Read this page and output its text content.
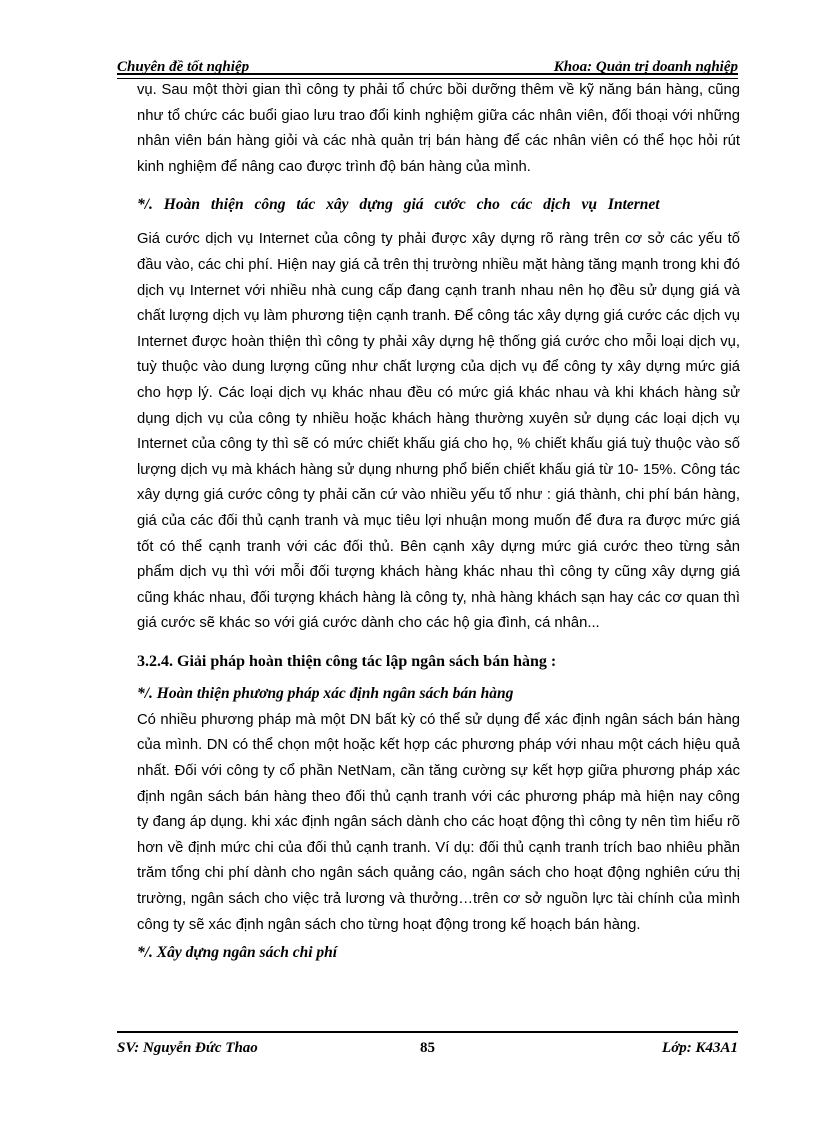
Chuyên đề tốt nghiệp	Khoa: Quản trị doanh nghiệp

vụ. Sau một thời gian thì công ty phải tổ chức bồi dưỡng thêm về kỹ năng bán hàng, cũng như tổ chức các buổi giao lưu trao đổi kinh nghiệm giữa các nhân viên, đối thoại với những nhân viên bán hàng giỏi và các nhà quản trị bán hàng để các nhân viên có thể học hỏi rút kinh nghiệm để nâng cao được trình độ bán hàng của mình.

*/. Hoàn thiện công tác xây dựng giá cước cho các dịch vụ Internet

Giá cước dịch vụ Internet của công ty phải được xây dựng rõ ràng trên cơ sở các yếu tố đầu vào, các chi phí. Hiện nay giá cả trên thị trường nhiều mặt hàng tăng mạnh trong khi đó dịch vụ Internet với nhiều nhà cung cấp đang cạnh tranh nhau nên họ đều sử dụng giá và chất lượng dịch vụ làm phương tiện cạnh tranh. Để công tác xây dựng giá cước các dịch vụ Internet được hoàn thiện thì công ty phải xây dựng hệ thống giá cước cho mỗi loại dịch vụ, tuỳ thuộc vào dung lượng cũng như chất lượng của dịch vụ để công ty xây dựng mức giá cho hợp lý. Các loại dịch vụ khác nhau đều có mức giá khác nhau và khi khách hàng sử dụng dịch vụ của công ty nhiều hoặc khách hàng thường xuyên sử dụng các loại dịch vụ Internet của công ty thì sẽ có mức chiết khấu giá cho họ, % chiết khấu giá tuỳ thuộc vào số lượng dịch vụ mà khách hàng sử dụng nhưng phổ biến chiết khấu giá từ 10- 15%. Công tác xây dựng giá cước công ty phải căn cứ vào nhiều yếu tố như : giá thành, chi phí bán hàng, giá của các đối thủ cạnh tranh và mục tiêu lợi nhuận mong muốn để đưa ra được mức giá tốt có thể cạnh tranh với các đối thủ. Bên cạnh xây dựng mức giá cước theo từng sản phẩm dịch vụ thì với mỗi đối tượng khách hàng khác nhau thì công ty cũng xây dựng giá cũng khác nhau, đối tượng khách hàng là công ty, nhà hàng khách sạn hay các cơ quan thì giá cước sẽ khác so với giá cước dành cho các hộ gia đình, cá nhân...

3.2.4. Giải pháp hoàn thiện công tác lập ngân sách bán hàng :

*/. Hoàn thiện phương pháp xác định ngân sách bán hàng

Có nhiều phương pháp mà một DN bất kỳ có thể sử dụng để xác định ngân sách bán hàng của mình. DN có thể chọn một hoặc kết hợp các phương pháp với nhau một cách hiệu quả nhất. Đối với công ty cổ phần NetNam, cần tăng cường sự kết hợp giữa phương pháp xác định ngân sách bán hàng theo đối thủ cạnh tranh với các phương pháp mà hiện nay công ty đang áp dụng. khi xác định ngân sách dành cho các hoạt động thì công ty nên tìm hiểu rõ hơn về định mức chi của đối thủ cạnh tranh. Ví dụ: đối thủ cạnh tranh trích bao nhiêu phần trăm tổng chi phí dành cho ngân sách quảng cáo, ngân sách cho hoạt động nghiên cứu thị trường, ngân sách cho việc trả lương và thưởng…trên cơ sở nguồn lực tài chính của mình công ty sẽ xác định ngân sách cho từng hoạt động trong kế hoạch bán hàng.

*/. Xây dựng ngân sách chi phí

SV: Nguyễn Đức Thao	85	Lớp: K43A1
